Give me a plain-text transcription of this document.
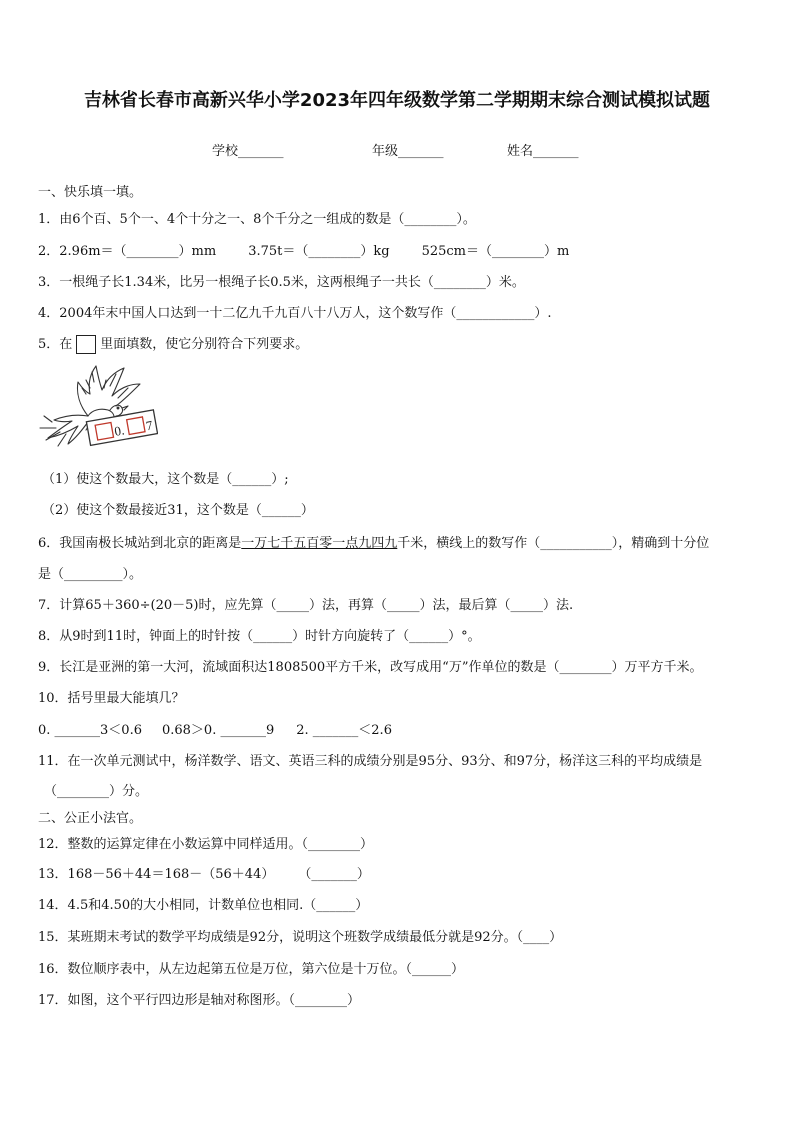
吉林省长春市高新兴华小学2023年四年级数学第二学期期末综合测试模拟试题
学校_______	年级_______	姓名_______
一、快乐填一填。
1．由6个百、5个一、4个十分之一、8个千分之一组成的数是（________）。
2．2.96m＝（________）mm 3.75t＝（________）kg 525cm＝（________）m
3．一根绳子长1.34米，比另一根绳子长0.5米，这两根绳子一共长（________）米。
4．2004年末中国人口达到一十二亿九千九百八十八万人，这个数写作（____________）.
5．在 里面填数，使它分别符合下列要求。
0. 7
（1）使这个数最大，这个数是（______）;
（2）使这个数最接近31，这个数是（______）
6．我国南极长城站到北京的距离是一万七千五百零一点九四九千米，横线上的数写作（___________），精确到十分位
是（_________）。
7．计算65＋360÷(20－5)时，应先算（_____）法，再算（_____）法，最后算（_____）法.
8．从9时到11时，钟面上的时针按（______）时针方向旋转了（______）°。
9．长江是亚洲的第一大河，流域面积达1808500平方千米，改写成用“万”作单位的数是（________）万平方千米。
10．括号里最大能填几？
0. _______3＜0.6 0.68＞0. _______9 2. _______＜2.6
11．在一次单元测试中，杨洋数学、语文、英语三科的成绩分别是95分、93分、和97分，杨洋这三科的平均成绩是
（________）分。
二、公正小法官。
12．整数的运算定律在小数运算中同样适用。（________）
13．168－56＋44＝168－（56＋44） （_______）
14．4.5和4.50的大小相同，计数单位也相同.（______）
15．某班期末考试的数学平均成绩是92分，说明这个班数学成绩最低分就是92分。（____）
16．数位顺序表中，从左边起第五位是万位，第六位是十万位。（______）
17．如图，这个平行四边形是轴对称图形。（________）
